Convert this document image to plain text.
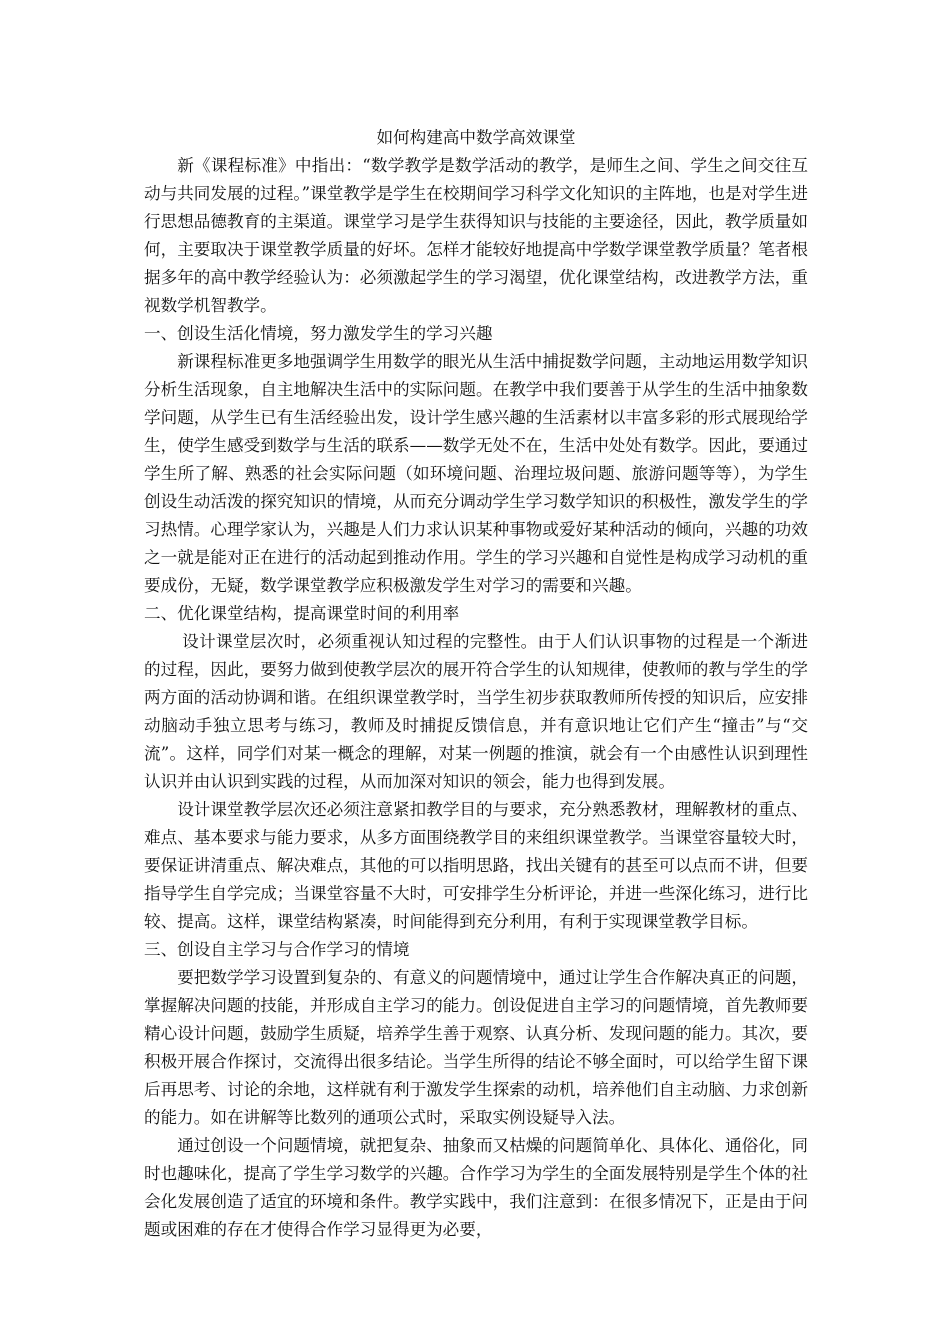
如何构建高中数学高效课堂

新《课程标准》中指出：“数学教学是数学活动的教学，是师生之间、学生之间交往互动与共同发展的过程。”课堂教学是学生在校期间学习科学文化知识的主阵地，也是对学生进行思想品德教育的主渠道。课堂学习是学生获得知识与技能的主要途径，因此，教学质量如何，主要取决于课堂教学质量的好坏。怎样才能较好地提高中学数学课堂教学质量？笔者根据多年的高中教学经验认为：必须激起学生的学习渴望，优化课堂结构，改进教学方法，重视数学机智教学。

一、创设生活化情境，努力激发学生的学习兴趣

新课程标准更多地强调学生用数学的眼光从生活中捕捉数学问题，主动地运用数学知识分析生活现象，自主地解决生活中的实际问题。在教学中我们要善于从学生的生活中抽象数学问题，从学生已有生活经验出发，设计学生感兴趣的生活素材以丰富多彩的形式展现给学生，使学生感受到数学与生活的联系——数学无处不在，生活中处处有数学。因此，要通过学生所了解、熟悉的社会实际问题（如环境问题、治理垃圾问题、旅游问题等等），为学生创设生动活泼的探究知识的情境，从而充分调动学生学习数学知识的积极性，激发学生的学习热情。心理学家认为，兴趣是人们力求认识某种事物或爱好某种活动的倾向，兴趣的功效之一就是能对正在进行的活动起到推动作用。学生的学习兴趣和自觉性是构成学习动机的重要成份，无疑，数学课堂教学应积极激发学生对学习的需要和兴趣。

二、优化课堂结构，提高课堂时间的利用率

设计课堂层次时，必须重视认知过程的完整性。由于人们认识事物的过程是一个渐进的过程，因此，要努力做到使教学层次的展开符合学生的认知规律，使教师的教与学生的学两方面的活动协调和谐。在组织课堂教学时，当学生初步获取教师所传授的知识后，应安排动脑动手独立思考与练习，教师及时捕捉反馈信息，并有意识地让它们产生“撞击”与“交流”。这样，同学们对某一概念的理解，对某一例题的推演，就会有一个由感性认识到理性认识并由认识到实践的过程，从而加深对知识的领会，能力也得到发展。

设计课堂教学层次还必须注意紧扣教学目的与要求，充分熟悉教材，理解教材的重点、难点、基本要求与能力要求，从多方面围绕教学目的来组织课堂教学。当课堂容量较大时，要保证讲清重点、解决难点，其他的可以指明思路，找出关键有的甚至可以点而不讲，但要指导学生自学完成；当课堂容量不大时，可安排学生分析评论，并进一些深化练习，进行比较、提高。这样，课堂结构紧凑，时间能得到充分利用，有利于实现课堂教学目标。

三、创设自主学习与合作学习的情境

要把数学学习设置到复杂的、有意义的问题情境中，通过让学生合作解决真正的问题，掌握解决问题的技能，并形成自主学习的能力。创设促进自主学习的问题情境，首先教师要精心设计问题，鼓励学生质疑，培养学生善于观察、认真分析、发现问题的能力。其次，要积极开展合作探讨，交流得出很多结论。当学生所得的结论不够全面时，可以给学生留下课后再思考、讨论的余地，这样就有利于激发学生探索的动机，培养他们自主动脑、力求创新的能力。如在讲解等比数列的通项公式时，采取实例设疑导入法。

通过创设一个问题情境，就把复杂、抽象而又枯燥的问题简单化、具体化、通俗化，同时也趣味化，提高了学生学习数学的兴趣。合作学习为学生的全面发展特别是学生个体的社会化发展创造了适宜的环境和条件。教学实践中，我们注意到：在很多情况下，正是由于问题或困难的存在才使得合作学习显得更为必要，
